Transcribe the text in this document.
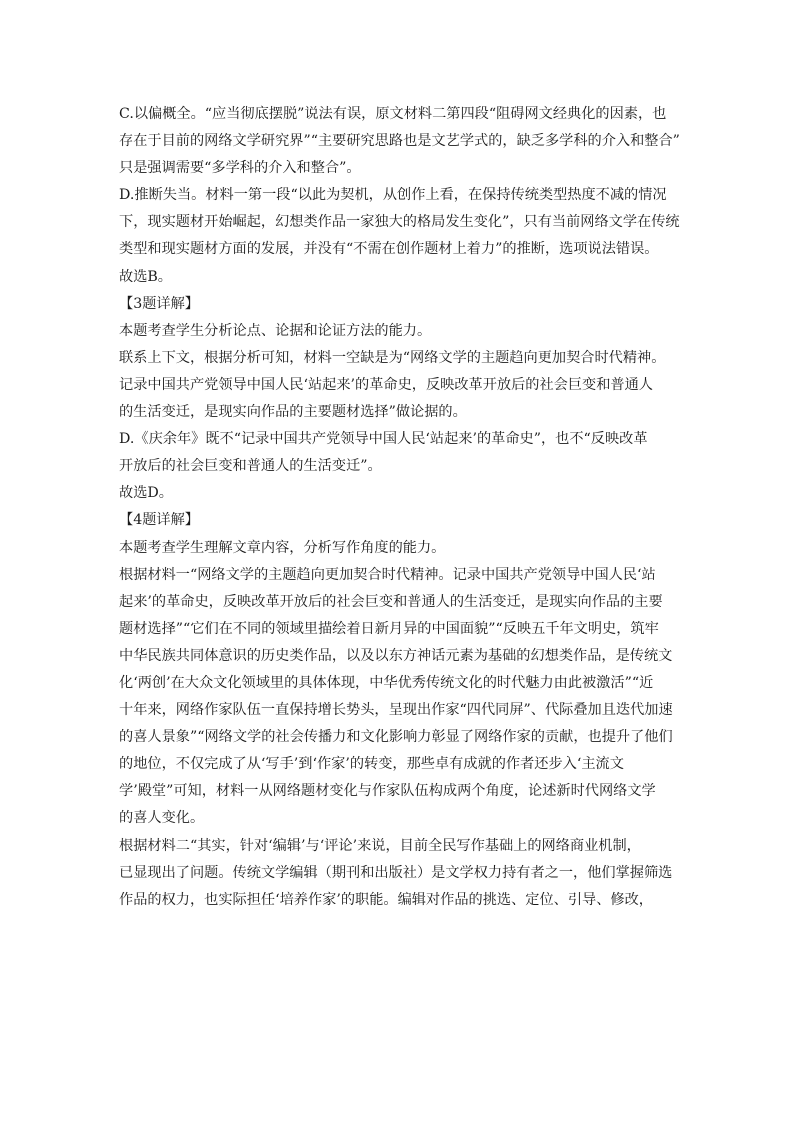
C.以偏概全。“应当彻底摆脱”说法有误，原文材料二第四段“阻碍网文经典化的因素，也
存在于目前的网络文学研究界”“主要研究思路也是文艺学式的，缺乏多学科的介入和整合”
只是强调需要“多学科的介入和整合”。
D.推断失当。材料一第一段“以此为契机，从创作上看，在保持传统类型热度不减的情况
下，现实题材开始崛起，幻想类作品一家独大的格局发生变化”，只有当前网络文学在传统
类型和现实题材方面的发展，并没有“不需在创作题材上着力”的推断，选项说法错误。
故选B。
【3题详解】
本题考查学生分析论点、论据和论证方法的能力。
联系上下文，根据分析可知，材料一空缺是为“网络文学的主题趋向更加契合时代精神。
记录中国共产党领导中国人民‘站起来’的革命史，反映改革开放后的社会巨变和普通人
的生活变迁，是现实向作品的主要题材选择”做论据的。
D.《庆余年》既不“记录中国共产党领导中国人民‘站起来’的革命史”，也不“反映改革
开放后的社会巨变和普通人的生活变迁”。
故选D。
【4题详解】
本题考查学生理解文章内容，分析写作角度的能力。
根据材料一“网络文学的主题趋向更加契合时代精神。记录中国共产党领导中国人民‘站
起来’的革命史，反映改革开放后的社会巨变和普通人的生活变迁，是现实向作品的主要
题材选择”“它们在不同的领域里描绘着日新月异的中国面貌”“反映五千年文明史，筑牢
中华民族共同体意识的历史类作品，以及以东方神话元素为基础的幻想类作品，是传统文
化‘两创’在大众文化领域里的具体体现，中华优秀传统文化的时代魅力由此被激活”“近
十年来，网络作家队伍一直保持增长势头，呈现出作家“四代同屏”、代际叠加且迭代加速
的喜人景象”“网络文学的社会传播力和文化影响力彰显了网络作家的贡献，也提升了他们
的地位，不仅完成了从‘写手’到‘作家’的转变，那些卓有成就的作者还步入‘主流文
学’殿堂”可知，材料一从网络题材变化与作家队伍构成两个角度，论述新时代网络文学
的喜人变化。
根据材料二“其实，针对‘编辑’与‘评论’来说，目前全民写作基础上的网络商业机制，
已显现出了问题。传统文学编辑（期刊和出版社）是文学权力持有者之一，他们掌握筛选
作品的权力，也实际担任‘培养作家’的职能。编辑对作品的挑选、定位、引导、修改，
